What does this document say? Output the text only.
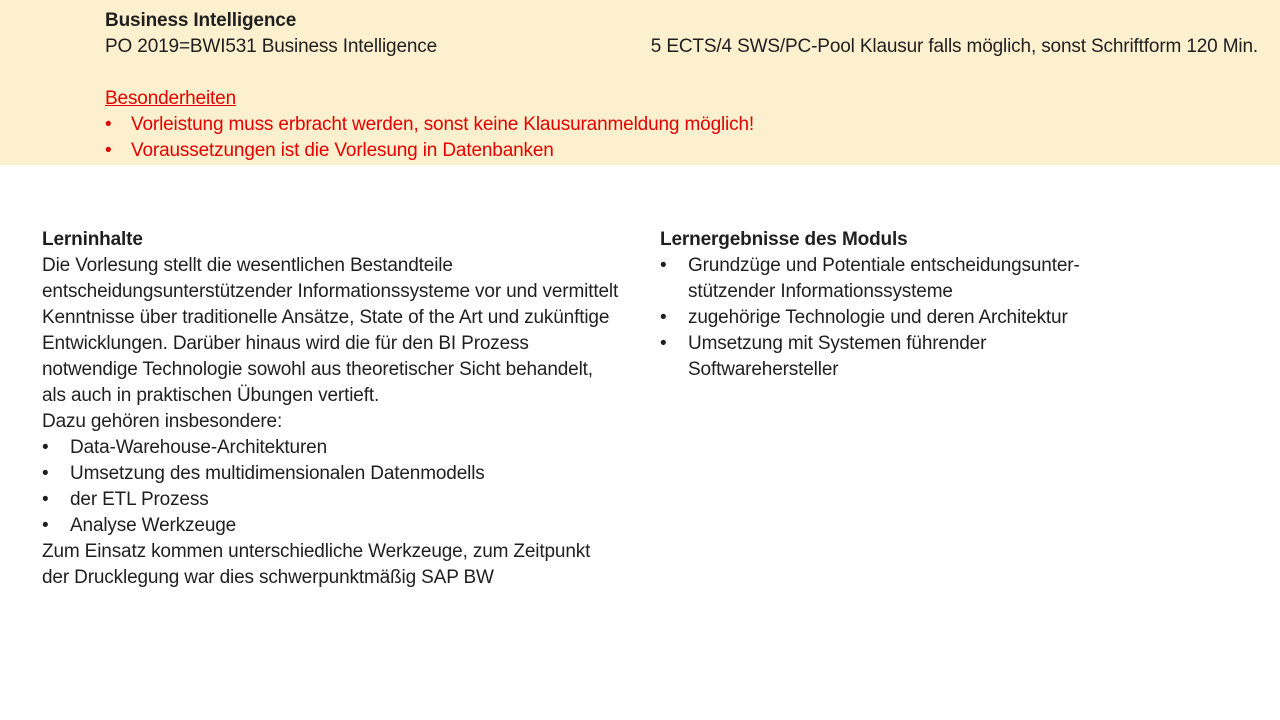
Business Intelligence
PO 2019=BWI531 Business Intelligence	5 ECTS/4 SWS/PC-Pool Klausur falls möglich, sonst Schriftform 120 Min.
Besonderheiten
•	Vorleistung muss erbracht werden, sonst keine Klausuranmeldung möglich!
•	Voraussetzungen ist die Vorlesung in Datenbanken
Lerninhalte

Die Vorlesung stellt die wesentlichen Bestandteile entscheidungsunterstützender Informationssysteme vor und vermittelt Kenntnisse über traditionelle Ansätze, State of the Art und zukünftige Entwicklungen. Darüber hinaus wird die für den BI Prozess notwendige Technologie sowohl aus theoretischer Sicht behandelt, als auch in praktischen Übungen vertieft.

Dazu gehören insbesondere:

•	Data-Warehouse-Architekturen
•	Umsetzung des multidimensionalen Datenmodells
•	der ETL Prozess
•	Analyse Werkzeuge

Zum Einsatz kommen unterschiedliche Werkzeuge, zum Zeitpunkt der Drucklegung war dies schwerpunktmäßig SAP BW

Lernergebnisse des Moduls
•	Grundzüge und Potentiale entscheidungsunter-stützender Informationssysteme
•	zugehörige Technologie und deren Architektur
•	Umsetzung mit Systemen führender Softwarehersteller
